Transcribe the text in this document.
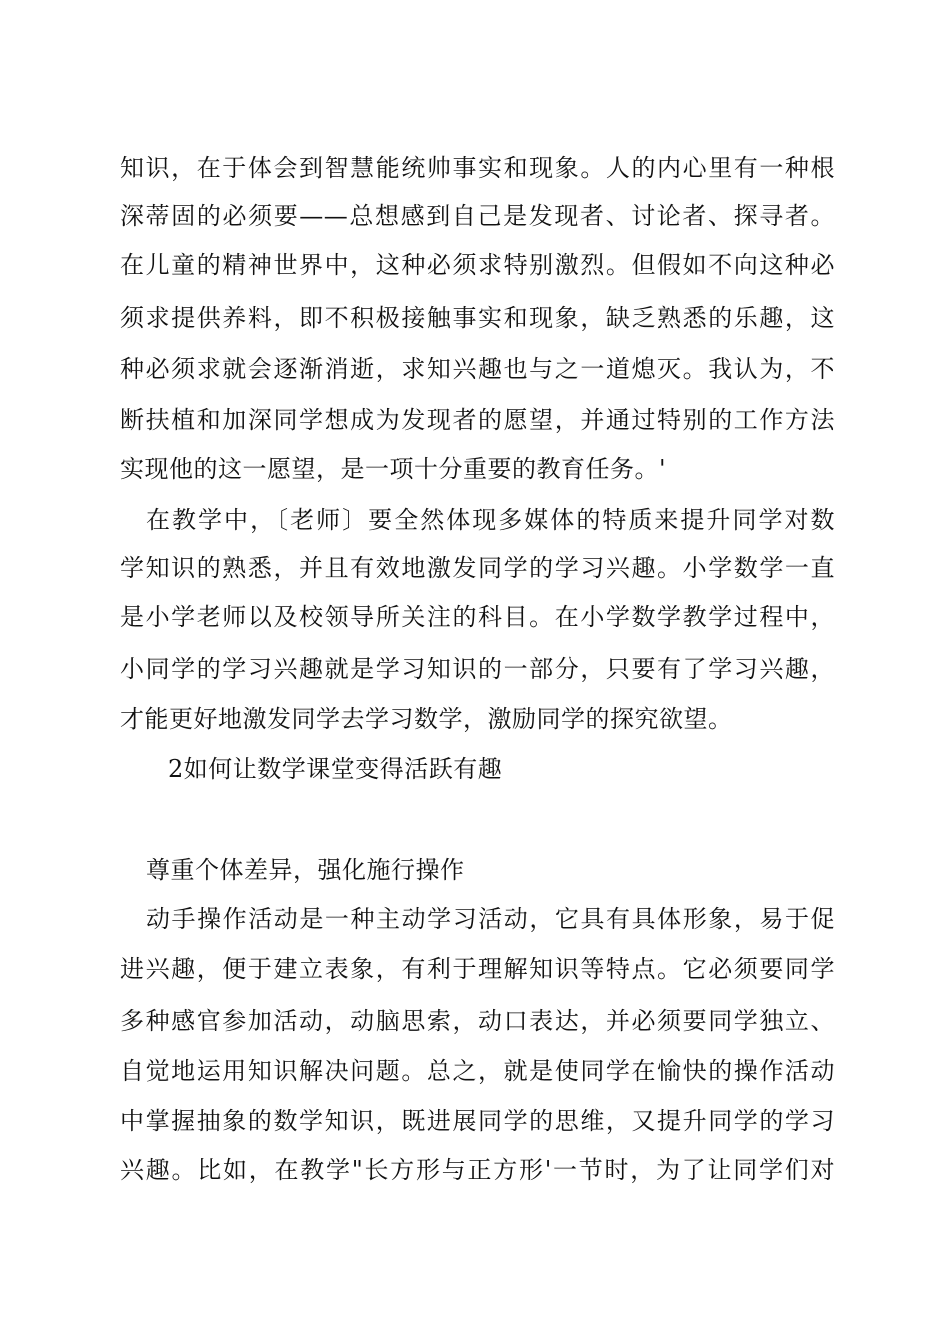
知识，在于体会到智慧能统帅事实和现象。人的内心里有一种根
深蒂固的必须要——总想感到自己是发现者、讨论者、探寻者。
在儿童的精神世界中，这种必须求特别激烈。但假如不向这种必
须求提供养料，即不积极接触事实和现象，缺乏熟悉的乐趣，这
种必须求就会逐渐消逝，求知兴趣也与之一道熄灭。我认为，不
断扶植和加深同学想成为发现者的愿望，并通过特别的工作方法
实现他的这一愿望，是一项十分重要的教育任务。'
在教学中，〔老师〕要全然体现多媒体的特质来提升同学对数
学知识的熟悉，并且有效地激发同学的学习兴趣。小学数学一直
是小学老师以及校领导所关注的科目。在小学数学教学过程中，
小同学的学习兴趣就是学习知识的一部分，只要有了学习兴趣，
才能更好地激发同学去学习数学，激励同学的探究欲望。
2如何让数学课堂变得活跃有趣
尊重个体差异，强化施行操作
动手操作活动是一种主动学习活动，它具有具体形象，易于促
进兴趣，便于建立表象，有利于理解知识等特点。它必须要同学
多种感官参加活动，动脑思索，动口表达，并必须要同学独立、
自觉地运用知识解决问题。总之，就是使同学在愉快的操作活动
中掌握抽象的数学知识，既进展同学的思维，又提升同学的学习
兴趣。比如，在教学"长方形与正方形'一节时，为了让同学们对
